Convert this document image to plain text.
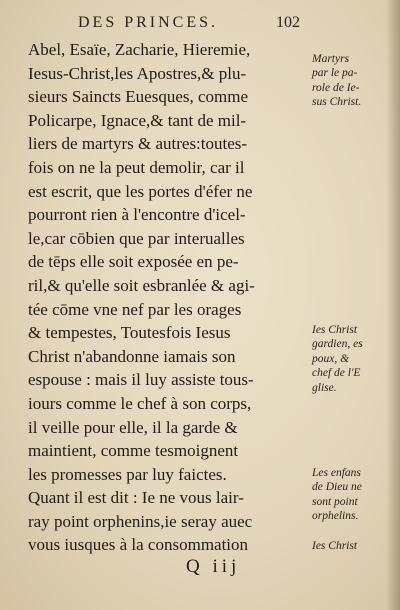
DES PRINCES.	102
Abel, Esaïe, Zacharie, Hieremie,
Iesus-Christ,les Apostres,& plu-
sieurs Saincts Euesques, comme
Policarpe, Ignace,& tant de mil-
liers de martyrs & autres:toutes-
fois on ne la peut demolir, car il
est escrit, que les portes d'éfer ne
pourront rien à l'encontre d'icel-
le,car cōbien que par interualles
de tēps elle soit exposée en pe-
ril,& qu'elle soit esbranlée & agi-
tée cōme vne nef par les orages
& tempestes, Toutesfois Iesus
Christ n'abandonne iamais son
espouse : mais il luy assiste tous-
iours comme le chef à son corps,
il veille pour elle, il la garde &
maintient, comme tesmoignent
les promesses par luy faictes.
Quant il est dit : Ie ne vous lair-
ray point orphenins,ie seray auec
vous iusques à la consommation
Martyrs
par le pa-
role de Ie-
sus Christ.
Ies Christ
gardien, es
poux, &
chef de l'E
glise.
Les enfans
de Dieu ne
sont point
orphelins.
Ies Christ
Q iij
